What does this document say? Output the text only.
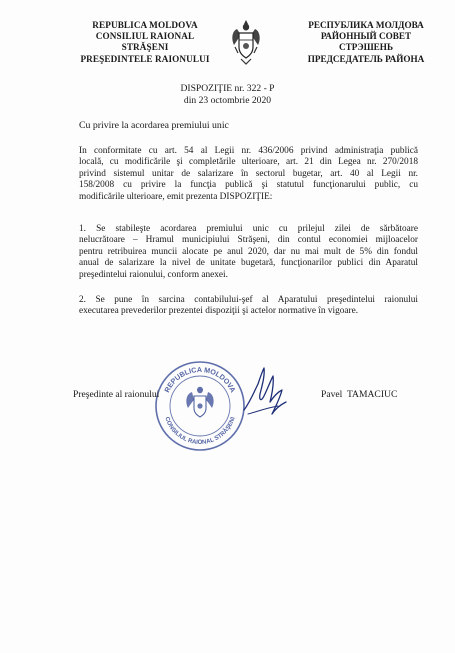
REPUBLICA MOLDOVA
CONSILIUL RAIONAL
STRĂŞENI
PREŞEDINTELE RAIONULUI
РЕСПУБЛИКА МОЛДОВА
РАЙОННЫЙ СОВЕТ
СТРЭШЕНЬ
ПРЕДСЕДАТЕЛЬ РАЙОНА
DISPOZIŢIE nr. 322 - P
din 23 octombrie 2020
Cu privire la acordarea premiului unic
În conformitate cu art. 54 al Legii nr. 436/2006 privind administraţia publică
locală, cu modificările şi completările ulterioare, art. 21 din Legea nr. 270/2018
privind sistemul unitar de salarizare în sectorul bugetar, art. 40 al Legii nr.
158/2008 cu privire la funcţia publică şi statutul funcţionarului public, cu
modificările ulterioare, emit prezenta DISPOZIŢIE:
1. Se stabileşte acordarea premiului unic cu prilejul zilei de sărbătoare
nelucrătoare – Hramul municipiului Străşeni, din contul economiei mijloacelor
pentru retribuirea muncii alocate pe anul 2020, dar nu mai mult de 5% din fondul
anual de salarizare la nivel de unitate bugetară, funcţionarilor publici din Aparatul
preşedintelui raionului, conform anexei.
2. Se pune în sarcina contabilului-şef al Aparatului preşedintelui raionului
executarea prevederilor prezentei dispoziţii şi actelor normative în vigoare.
REPUBLICA MOLDOVA
CONSILIUL RAIONAL STRĂŞENI
Preşedinte al raionului	Pavel  TAMACIUC
